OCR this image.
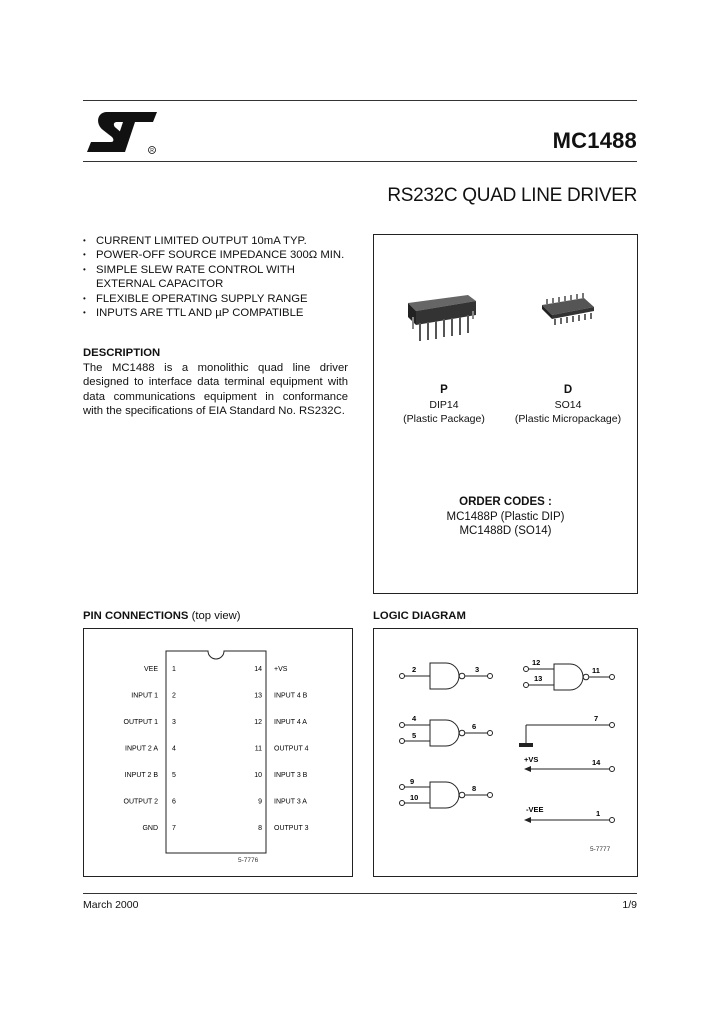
R	MC1488
RS232C QUAD LINE DRIVER
• CURRENT LIMITED OUTPUT 10mA TYP.
• POWER-OFF SOURCE IMPEDANCE 300Ω MIN.
• SIMPLE SLEW RATE CONTROL WITH EXTERNAL CAPACITOR
• FLEXIBLE OPERATING SUPPLY RANGE
• INPUTS ARE TTL AND µP COMPATIBLE
DESCRIPTION

The MC1488 is a monolithic quad line driver designed to interface data terminal equipment with data communications equipment in conformance with the specifications of EIA Standard No. RS232C.

P
DIP14
(Plastic Package)
D
SO14
(Plastic Micropackage)
ORDER CODES :
MC1488P (Plastic DIP)
MC1488D (SO14)
PIN CONNECTIONS (top view)
VEE 1
INPUT 1 2
OUTPUT 1 3
INPUT 2 A 4
INPUT 2 B 5
OUTPUT 2 6
GND 7
14 +VS
13 INPUT 4 B
12 INPUT 4 A
11 OUTPUT 4
10 INPUT 3 B
9 INPUT 3 A
8 OUTPUT 3
5-7776
LOGIC DIAGRAM
2	3
12
13
11
4
5
6
9
10
8
7
+VS	14
-VEE	1
5-7777
March 2000	1/9
